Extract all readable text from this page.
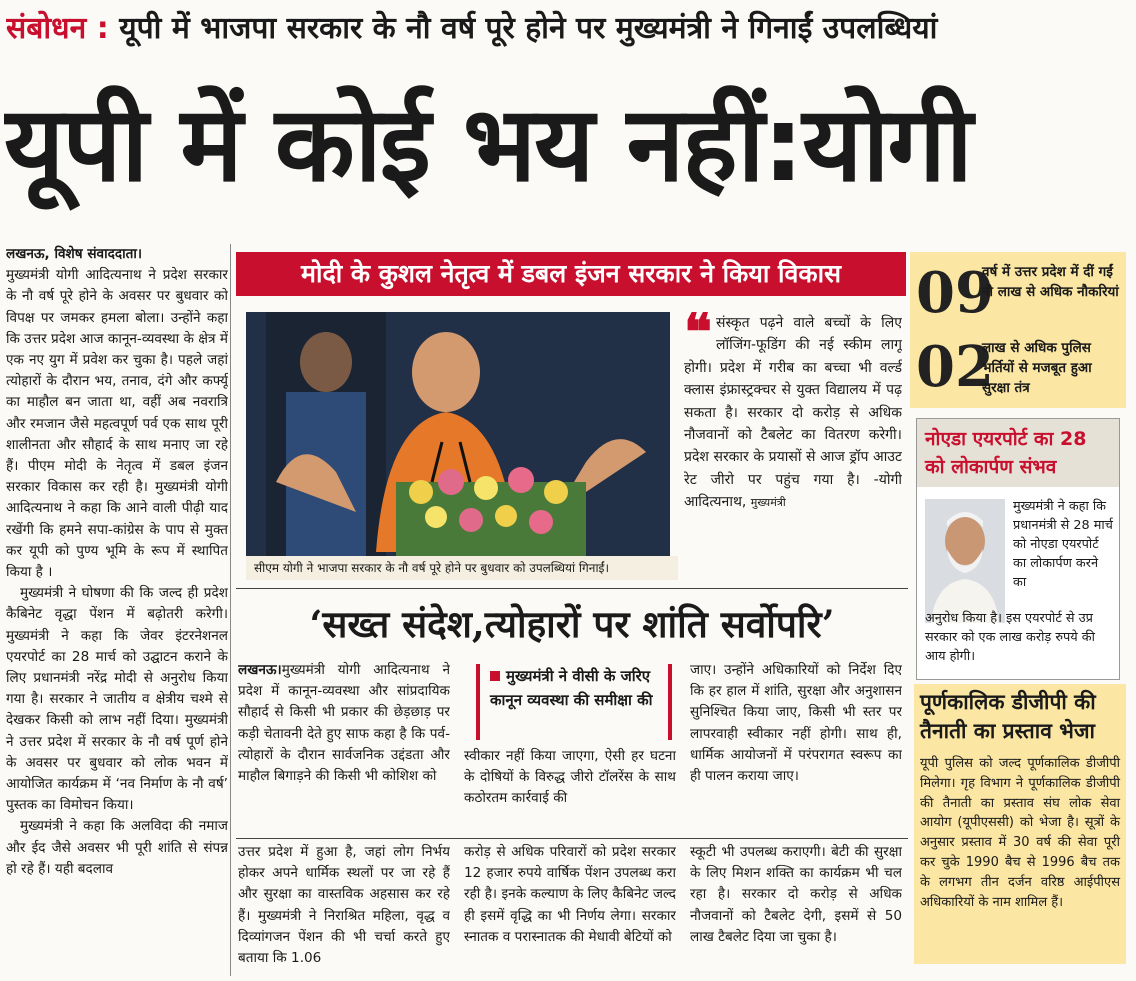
संबोधन : यूपी में भाजपा सरकार के नौ वर्ष पूरे होने पर मुख्यमंत्री ने गिनाईं उपलब्धियां
यूपी में कोई भय नहीं:योगी

लखनऊ, विशेष संवाददाता।

मुख्यमंत्री योगी आदित्यनाथ ने प्रदेश सरकार के नौ वर्ष पूरे होने के अवसर पर बुधवार को विपक्ष पर जमकर हमला बोला। उन्होंने कहा कि उत्तर प्रदेश आज कानून-व्यवस्था के क्षेत्र में एक नए युग में प्रवेश कर चुका है। पहले जहां त्योहारों के दौरान भय, तनाव, दंगे और कर्फ्यू का माहौल बन जाता था, वहीं अब नवरात्रि और रमजान जैसे महत्वपूर्ण पर्व एक साथ पूरी शालीनता और सौहार्द के साथ मनाए जा रहे हैं। पीएम मोदी के नेतृत्व में डबल इंजन सरकार विकास कर रही है। मुख्यमंत्री योगी आदित्यनाथ ने कहा कि आने वाली पीढ़ी याद रखेंगी कि हमने सपा-कांग्रेस के पाप से मुक्त कर यूपी को पुण्य भूमि के रूप में स्थापित किया है ।

मुख्यमंत्री ने घोषणा की कि जल्द ही प्रदेश कैबिनेट वृद्धा पेंशन में बढ़ोतरी करेगी। मुख्यमंत्री ने कहा कि जेवर इंटरनेशनल एयरपोर्ट का 28 मार्च को उद्घाटन कराने के लिए प्रधानमंत्री नरेंद्र मोदी से अनुरोध किया गया है। सरकार ने जातीय व क्षेत्रीय चश्मे से देखकर किसी को लाभ नहीं दिया। मुख्यमंत्री ने उत्तर प्रदेश में सरकार के नौ वर्ष पूर्ण होने के अवसर पर बुधवार को लोक भवन में आयोजित कार्यक्रम में ‘नव निर्माण के नौ वर्ष’ पुस्तक का विमोचन किया।

मुख्यमंत्री ने कहा कि अलविदा की नमाज और ईद जैसे अवसर भी पूरी शांति से संपन्न हो रहे हैं। यही बदलाव

मोदी के कुशल नेतृत्व में डबल इंजन सरकार ने किया विकास
सीएम योगी ने भाजपा सरकार के नौ वर्ष पूरे होने पर बुधवार को उपलब्धियां गिनाईं।
❝ संस्कृत पढ़ने वाले बच्चों के लिए लॉजिंग-फूडिंग की नई स्कीम लागू होगी। प्रदेश में गरीब का बच्चा भी वर्ल्ड क्लास इंफ्रास्ट्रक्चर से युक्त विद्यालय में पढ़ सकता है। सरकार दो करोड़ से अधिक नौजवानों को टैबलेट का वितरण करेगी। प्रदेश सरकार के प्रयासों से आज ड्रॉप आउट रेट जीरो पर पहुंच गया है। -योगी आदित्यनाथ, मुख्यमंत्री
‘सख्त संदेश,त्योहारों पर शांति सर्वोपरि’

लखनऊ।मुख्यमंत्री योगी आदित्यनाथ ने प्रदेश में कानून-व्यवस्था और सांप्रदायिक सौहार्द से किसी भी प्रकार की छेड़छाड़ पर कड़ी चेतावनी देते हुए साफ कहा है कि पर्व-त्योहारों के दौरान सार्वजनिक उद्दंडता और माहौल बिगाड़ने की किसी भी कोशिश को

मुख्यमंत्री ने वीसी के जरिए कानून व्यवस्था की समीक्षा की
स्वीकार नहीं किया जाएगा, ऐसी हर घटना के दोषियों के विरुद्ध जीरो टॉलरेंस के साथ कठोरतम कार्रवाई की
जाए। उन्होंने अधिकारियों को निर्देश दिए कि हर हाल में शांति, सुरक्षा और अनुशासन सुनिश्चित किया जाए, किसी भी स्तर पर लापरवाही स्वीकार नहीं होगी। साथ ही, धार्मिक आयोजनों में परंपरागत स्वरूप का ही पालन कराया जाए।
उत्तर प्रदेश में हुआ है, जहां लोग निर्भय होकर अपने धार्मिक स्थलों पर जा रहे हैं और सुरक्षा का वास्तविक अहसास कर रहे हैं। मुख्यमंत्री ने निराश्रित महिला, वृद्ध व दिव्यांगजन पेंशन की भी चर्चा करते हुए बताया कि 1.06
करोड़ से अधिक परिवारों को प्रदेश सरकार 12 हजार रुपये वार्षिक पेंशन उपलब्ध करा रही है। इनके कल्याण के लिए कैबिनेट जल्द ही इसमें वृद्धि का भी निर्णय लेगा। सरकार स्नातक व परास्नातक की मेधावी बेटियों को
स्कूटी भी उपलब्ध कराएगी। बेटी की सुरक्षा के लिए मिशन शक्ति का कार्यक्रम भी चल रहा है। सरकार दो करोड़ से अधिक नौजवानों को टैबलेट देगी, इसमें से 50 लाख टैबलेट दिया जा चुका है।
09
वर्ष में उत्तर प्रदेश में दीं गईं नौ लाख से अधिक नौकरियां
02
लाख से अधिक पुलिस भर्तियों से मजबूत हुआ सुरक्षा तंत्र
नोएडा एयरपोर्ट का 28 को लोकार्पण संभव
मुख्यमंत्री ने कहा कि प्रधानमंत्री से 28 मार्च को नोएडा एयरपोर्ट का लोकार्पण करने का
अनुरोध किया है। इस एयरपोर्ट से उप्र सरकार को एक लाख करोड़ रुपये की आय होगी।
पूर्णकालिक डीजीपी की तैनाती का प्रस्ताव भेजा
यूपी पुलिस को जल्द पूर्णकालिक डीजीपी मिलेगा। गृह विभाग ने पूर्णकालिक डीजीपी की तैनाती का प्रस्ताव संघ लोक सेवा आयोग (यूपीएससी) को भेजा है। सूत्रों के अनुसार प्रस्ताव में 30 वर्ष की सेवा पूरी कर चुके 1990 बैच से 1996 बैच तक के लगभग तीन दर्जन वरिष्ठ आईपीएस अधिकारियों के नाम शामिल हैं।
